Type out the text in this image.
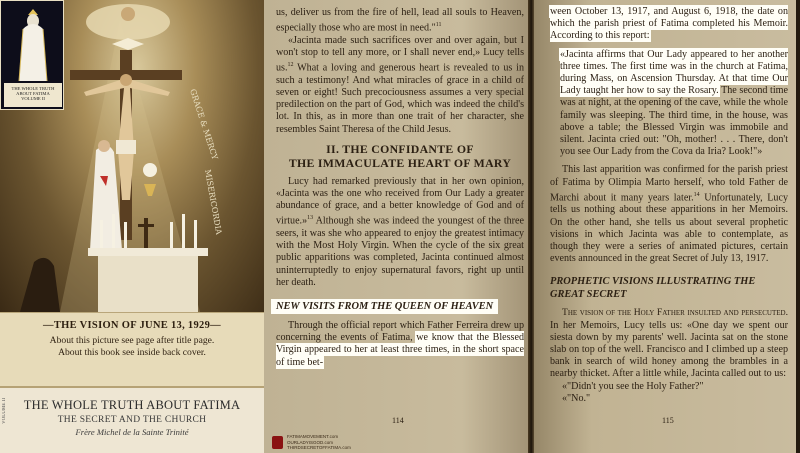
GRACE & MERCY
MISERICORDIA
THE WHOLE TRUTH
ABOUT FATIMA
VOLUME II
—THE VISION OF JUNE 13, 1929—
About this picture see page after title page.
About this book see inside back cover.
VOLUME II	THE WHOLE TRUTH ABOUT FATIMA
THE SECRET AND THE CHURCH
Frère Michel de la Sainte Trinité

us, deliver us from the fire of hell, lead all souls to Heaven, especially those who are most in need."$^{11}$

«Jacinta made such sacrifices over and over again, but I won't stop to tell any more, or I shall never end,» Lucy tells us.$^{12}$ What a loving and generous heart is revealed to us in such a testimony! And what miracles of grace in a child of seven or eight! Such precociousness assumes a very special predilection on the part of God, which was indeed the child's lot. In this, as in more than one trait of her character, she resembles Saint Theresa of the Child Jesus.

II. THE CONFIDANTE OF
THE IMMACULATE HEART OF MARY

Lucy had remarked previously that in her own opinion, «Jacinta was the one who received from Our Lady a greater abundance of grace, and a better knowledge of God and of virtue.»$^{13}$ Although she was indeed the youngest of the three seers, it was she who appeared to enjoy the greatest intimacy with the Most Holy Virgin. When the cycle of the six great public apparitions was completed, Jacinta continued almost uninterruptedly to enjoy supernatural favors, right up until her death.

NEW VISITS FROM THE QUEEN OF HEAVEN

Through the official report which Father Ferreira drew up concerning the events of Fatima, we know that the Blessed Virgin appeared to her at least three times, in the short space of time bet-

114
FATIMAMOVEMENT.com
OURLADYISGOD.com
THIRDSECRETOFFATIMA.com

ween October 13, 1917, and August 6, 1918, the date on which the parish priest of Fatima completed his Memoir. According to this report:

«Jacinta affirms that Our Lady appeared to her another three times. The first time was in the church at Fatima, during Mass, on Ascension Thursday. At that time Our Lady taught her how to say the Rosary. The second time was at night, at the opening of the cave, while the whole family was sleeping. The third time, in the house, was above a table; the Blessed Virgin was immobile and silent. Jacinta cried out: "Oh, mother! . . . There, don't you see Our Lady from the Cova da Iria? Look!"»

This last apparition was confirmed for the parish priest of Fatima by Olimpia Marto herself, who told Father de Marchi about it many years later.$^{14}$ Unfortunately, Lucy tells us nothing about these apparitions in her Memoirs. On the other hand, she tells us about several prophetic visions in which Jacinta was able to contemplate, as though they were a series of animated pictures, certain events announced in the great Secret of July 13, 1917.

PROPHETIC VISIONS ILLUSTRATING THE GREAT SECRET

The vision of the Holy Father insulted and persecuted. In her Memoirs, Lucy tells us: «One day we spent our siesta down by my parents' well. Jacinta sat on the stone slab on top of the well. Francisco and I climbed up a steep bank in search of wild honey among the brambles in a nearby thicket. After a little while, Jacinta called out to us:

«"Didn't you see the Holy Father?"

«"No."

115
